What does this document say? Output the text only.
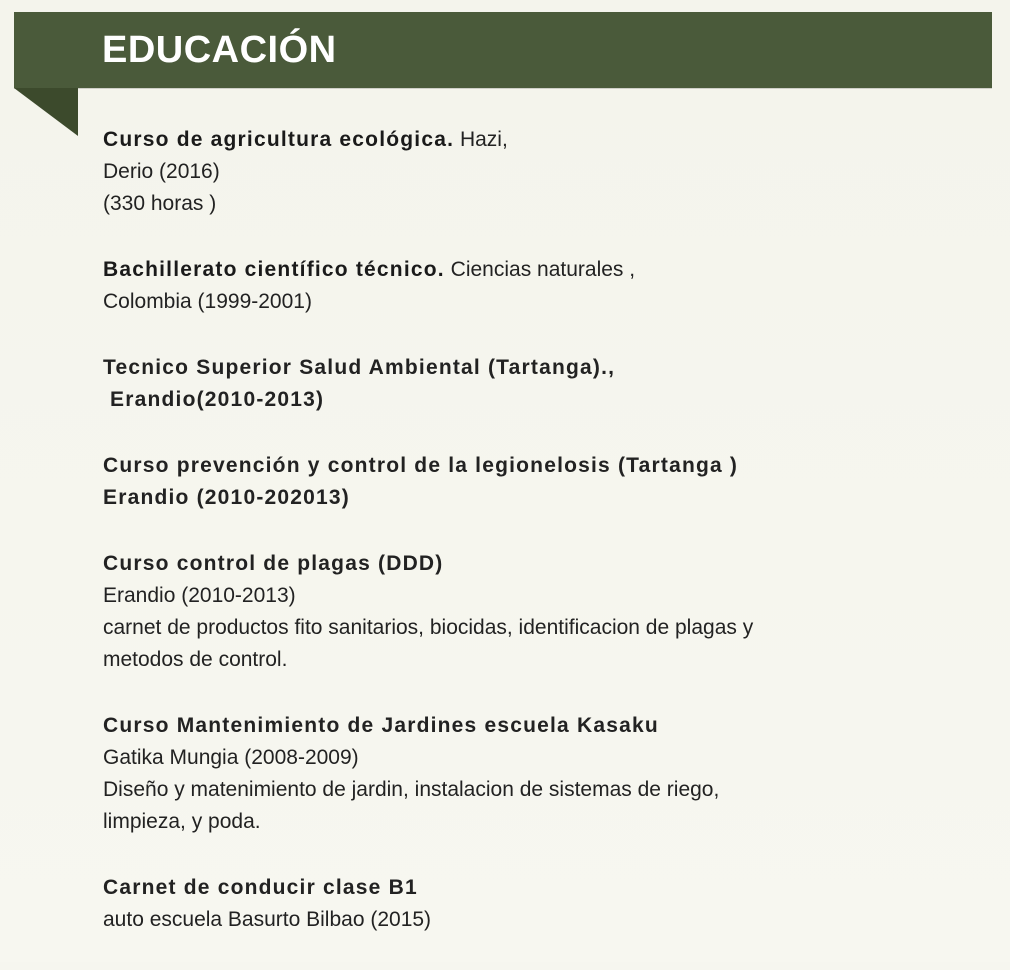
EDUCACIÓN

Curso de agricultura ecológica. Hazi,

Derio (2016)

(330 horas )

Bachillerato científico técnico. Ciencias naturales ,

Colombia (1999-2001)

Tecnico Superior Salud Ambiental (Tartanga).,

Erandio(2010-2013)

Curso prevención y control de la legionelosis (Tartanga )

Erandio (2010-202013)

Curso control de plagas (DDD)

Erandio (2010-2013)

carnet de productos fito sanitarios, biocidas, identificacion de plagas y

metodos de control.

Curso Mantenimiento de Jardines escuela Kasaku

Gatika Mungia (2008-2009)

Diseño y matenimiento de jardin, instalacion de sistemas de riego,

limpieza, y poda.

Carnet de conducir clase B1

auto escuela Basurto Bilbao (2015)
